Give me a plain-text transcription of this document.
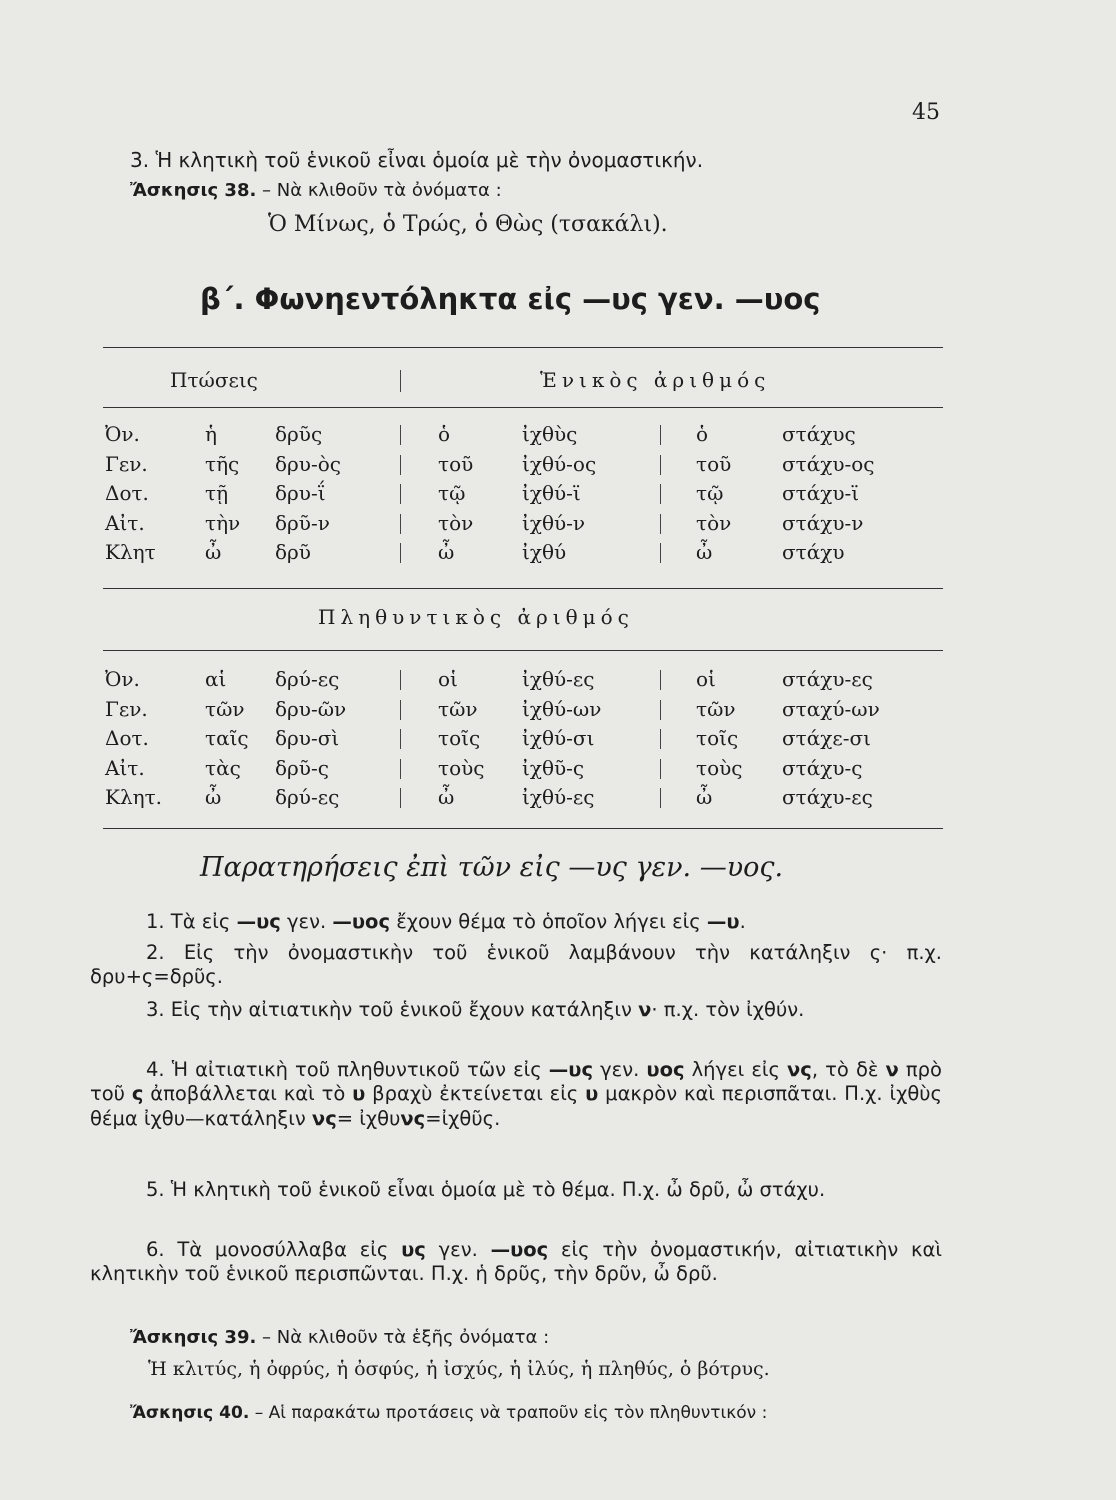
45
3. Ἡ κλητικὴ τοῦ ἑνικοῦ εἶναι ὁμοία μὲ τὴν ὀνομαστικήν.
Ἄσκησις 38. – Νὰ κλιθοῦν τὰ ὀνόματα :
Ὁ Μίνως, ὁ Τρώς, ὁ Θὼς (τσακάλι).
β΄. Φωνηεντόληκτα εἰς —υς γεν. —υος
Πτώσεις	Ἑνικὸς ἀριθμός
Ὀν.	ἡ	δρῦς	ὁ	ἰχθὺς	ὁ	στάχυς
Γεν.	τῆς δρυ-ὸς	τοῦ ἰχθύ-ος	τοῦ	στάχυ-ος
Δοτ.	τῇ δρυ-ΐ	τῷ	ἰχθύ-ϊ	τῷ	στάχυ-ϊ
Αἰτ.	τὴν δρῦ-ν	τὸν ἰχθύ-ν	τὸν	στάχυ-ν
Κλητ ὦ	δρῦ	ὦ	ἰχθύ	ὦ	στάχυ
Πληθυντικὸς ἀριθμός
Ὀν.	αἱ δρύ-ες	οἱ	ἰχθύ-ες	οἱ	στάχυ-ες
Γεν.	τῶν δρυ-ῶν	τῶν ἰχθύ-ων	τῶν σταχύ-ων
Δοτ.	ταῖς δρυ-σὶ	τοῖς ἰχθύ-σι	τοῖς στάχε-σι
Αἰτ.	τὰς δρῦ-ς	τοὺς ἰχθῦ-ς	τοὺς στάχυ-ς
Κλητ. ὦ	δρύ-ες	ὦ	ἰχθύ-ες	ὦ	στάχυ-ες
Παρατηρήσεις ἐπὶ τῶν εἰς —υς γεν. —υος.
1. Τὰ εἰς —υς γεν. —υος ἔχουν θέμα τὸ ὁποῖον λήγει εἰς —υ.
2. Εἰς τὴν ὀνομαστικὴν τοῦ ἑνικοῦ λαμβάνουν τὴν κατάληξιν ς· π.χ. δρυ+ς=δρῦς.
3. Εἰς τὴν αἰτιατικὴν τοῦ ἑνικοῦ ἔχουν κατάληξιν ν· π.χ. τὸν ἰχθύν.
4. Ἡ αἰτιατικὴ τοῦ πληθυντικοῦ τῶν εἰς —υς γεν. υος λήγει εἰς νς, τὸ δὲ ν πρὸ τοῦ ς ἀποβάλλεται καὶ τὸ υ βραχὺ ἐκτείνεται εἰς υ μακρὸν καὶ περισπᾶται. Π.χ. ἰχθὺς θέμα ἰχθυ—κατάληξιν νς= ἰχθυνς=ἰχθῦς.
5. Ἡ κλητικὴ τοῦ ἑνικοῦ εἶναι ὁμοία μὲ τὸ θέμα. Π.χ. ὦ δρῦ, ὦ στάχυ.
6. Τὰ μονοσύλλαβα εἰς υς γεν. —υος εἰς τὴν ὀνομαστικήν, αἰτιατικὴν καὶ κλητικὴν τοῦ ἑνικοῦ περισπῶνται. Π.χ. ἡ δρῦς, τὴν δρῦν, ὦ δρῦ.
Ἄσκησις 39. – Νὰ κλιθοῦν τὰ ἑξῆς ὀνόματα :
Ἡ κλιτύς, ἡ ὀφρύς, ἡ ὀσφύς, ἡ ἰσχύς, ἡ ἰλύς, ἡ πληθύς, ὁ βότρυς.
Ἄσκησις 40. – Αἱ παρακάτω προτάσεις νὰ τραποῦν εἰς τὸν πληθυντικόν :
